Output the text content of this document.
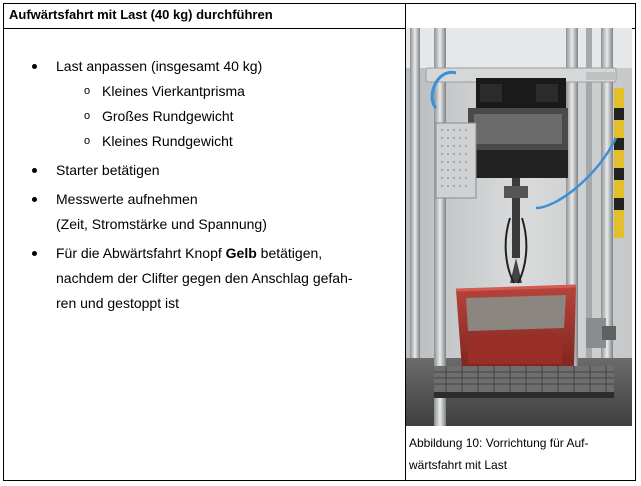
Aufwärtsfahrt mit Last (40 kg) durchführen
Last anpassen (insgesamt 40 kg)
o Kleines Vierkantprisma
o Großes Rundgewicht
o Kleines Rundgewicht
Starter betätigen
Messwerte aufnehmen
(Zeit, Stromstärke und Spannung)
Für die Abwärtsfahrt Knopf Gelb betätigen,
nachdem der Clifter gegen den Anschlag gefah-
ren und gestoppt ist
Abbildung 10: Vorrichtung für Auf-
wärtsfahrt mit Last
